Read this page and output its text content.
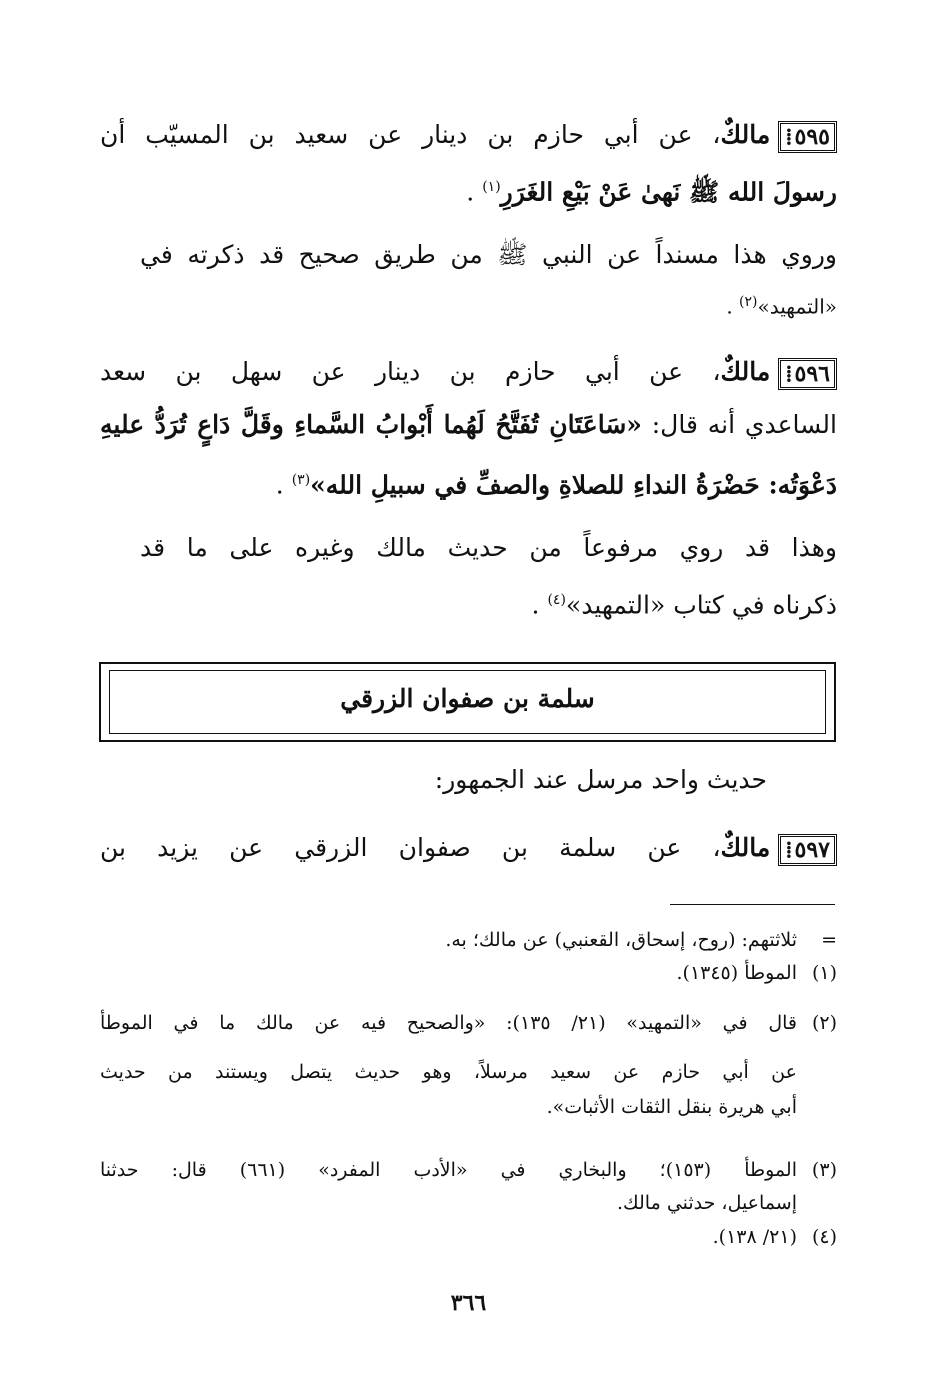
٥٩٥ ⁞مالكٌ، عن أبي حازم بن دينار عن سعيد بن المسيّب أن
رسولَ الله ﷺ نَهىٰ عَنْ بَيْعِ الغَرَرِ$^{(١)}$ .
وروي هذا مسنداً عن النبي ﷺ من طريق صحيح قد ذكرته في
«التمهيد»$^{(٢)}$ .
٥٩٦ ⁞مالكٌ، عن أبي حازم بن دينار عن سهل بن سعد
الساعدي أنه قال: «سَاعَتَانِ تُفَتَّحُ لَهُما أَبْوابُ السَّماءِ وقَلَّ دَاعٍ تُرَدُّ عليهِ
دَعْوَتُه: حَضْرَةُ النداءِ للصلاةِ والصفِّ في سبيلِ الله»$^{(٣)}$ .
وهذا قد روي مرفوعاً من حديث مالك وغيره على ما قد
ذكرناه في كتاب «التمهيد»$^{(٤)}$ .
سلمة بن صفوان الزرقي
حديث واحد مرسل عند الجمهور:
٥٩٧ ⁞مالكٌ، عن سلمة بن صفوان الزرقي عن يزيد بن
=ثلاثتهم: (روح، إسحاق، القعنبي) عن مالك؛ به.
(١)الموطأ (١٣٤٥).
(٢)قال في «التمهيد» (٢١/ ١٣٥): «والصحيح فيه عن مالك ما في الموطأ
عن أبي حازم عن سعيد مرسلاً، وهو حديث يتصل ويستند من حديث
أبي هريرة بنقل الثقات الأثبات».
(٣)الموطأ (١٥٣)؛ والبخاري في «الأدب المفرد» (٦٦١) قال: حدثنا
إسماعيل، حدثني مالك.
(٤)(٢١/ ١٣٨).
٣٦٦
